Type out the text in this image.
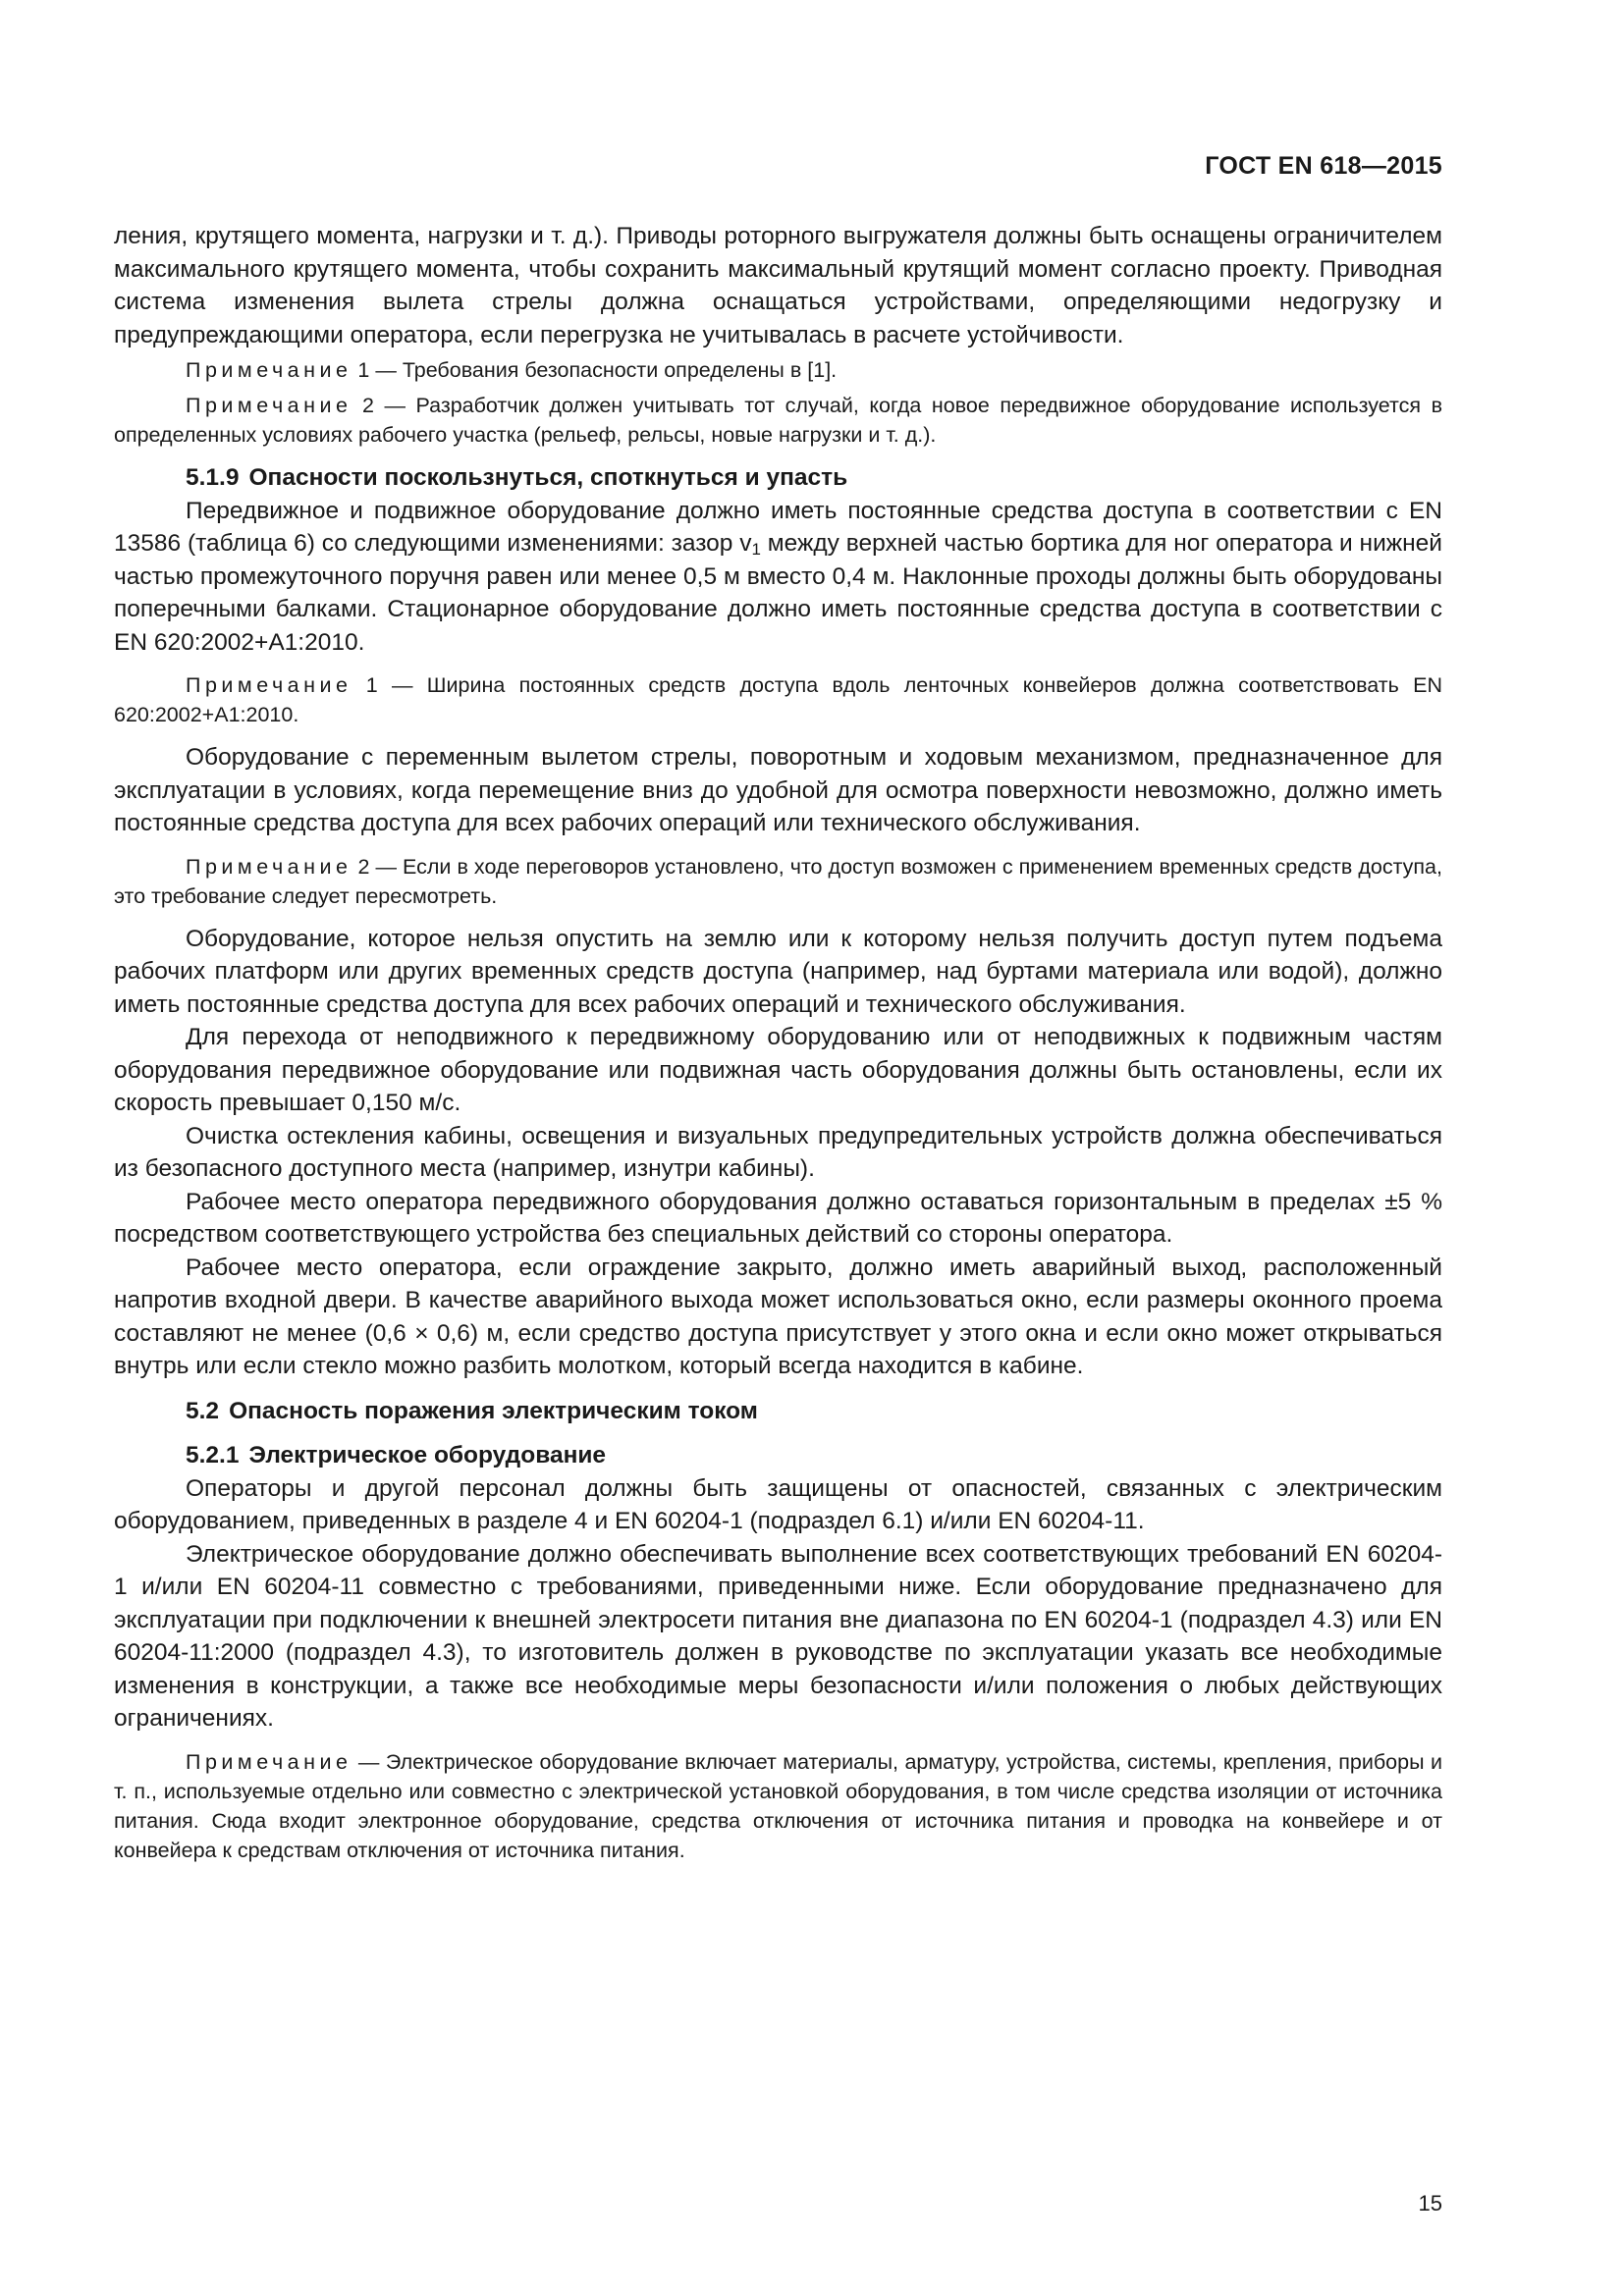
ГОСТ EN 618—2015

ления, крутящего момента, нагрузки и т. д.). Приводы роторного выгружателя должны быть оснащены ограничителем максимального крутящего момента, чтобы сохранить максимальный крутящий момент согласно проекту. Приводная система изменения вылета стрелы должна оснащаться устройствами, определяющими недогрузку и предупреждающими оператора, если перегрузка не учитывалась в расчете устойчивости.

Примечание 1 — Требования безопасности определены в [1].

Примечание 2 — Разработчик должен учитывать тот случай, когда новое передвижное оборудование используется в определенных условиях рабочего участка (рельеф, рельсы, новые нагрузки и т. д.).

5.1.9 Опасности поскользнуться, споткнуться и упасть

Передвижное и подвижное оборудование должно иметь постоянные средства доступа в соответствии с EN 13586 (таблица 6) со следующими изменениями: зазор $v_1$ между верхней частью бортика для ног оператора и нижней частью промежуточного поручня равен или менее 0,5 м вместо 0,4 м. Наклонные проходы должны быть оборудованы поперечными балками. Стационарное оборудование должно иметь постоянные средства доступа в соответствии с EN 620:2002+A1:2010.

Примечание 1 — Ширина постоянных средств доступа вдоль ленточных конвейеров должна соответствовать EN 620:2002+A1:2010.

Оборудование с переменным вылетом стрелы, поворотным и ходовым механизмом, предназначенное для эксплуатации в условиях, когда перемещение вниз до удобной для осмотра поверхности невозможно, должно иметь постоянные средства доступа для всех рабочих операций или технического обслуживания.

Примечание 2 — Если в ходе переговоров установлено, что доступ возможен с применением временных средств доступа, это требование следует пересмотреть.

Оборудование, которое нельзя опустить на землю или к которому нельзя получить доступ путем подъема рабочих платформ или других временных средств доступа (например, над буртами материала или водой), должно иметь постоянные средства доступа для всех рабочих операций и технического обслуживания.

Для перехода от неподвижного к передвижному оборудованию или от неподвижных к подвижным частям оборудования передвижное оборудование или подвижная часть оборудования должны быть остановлены, если их скорость превышает 0,150 м/с.

Очистка остекления кабины, освещения и визуальных предупредительных устройств должна обеспечиваться из безопасного доступного места (например, изнутри кабины).

Рабочее место оператора передвижного оборудования должно оставаться горизонтальным в пределах ±5 % посредством соответствующего устройства без специальных действий со стороны оператора.

Рабочее место оператора, если ограждение закрыто, должно иметь аварийный выход, расположенный напротив входной двери. В качестве аварийного выхода может использоваться окно, если размеры оконного проема составляют не менее (0,6 × 0,6) м, если средство доступа присутствует у этого окна и если окно может открываться внутрь или если стекло можно разбить молотком, который всегда находится в кабине.

5.2 Опасность поражения электрическим током

5.2.1 Электрическое оборудование

Операторы и другой персонал должны быть защищены от опасностей, связанных с электрическим оборудованием, приведенных в разделе 4 и EN 60204-1 (подраздел 6.1) и/или EN 60204-11.

Электрическое оборудование должно обеспечивать выполнение всех соответствующих требований EN 60204-1 и/или EN 60204-11 совместно с требованиями, приведенными ниже. Если оборудование предназначено для эксплуатации при подключении к внешней электросети питания вне диапазона по EN 60204-1 (подраздел 4.3) или EN 60204-11:2000 (подраздел 4.3), то изготовитель должен в руководстве по эксплуатации указать все необходимые изменения в конструкции, а также все необходимые меры безопасности и/или положения о любых действующих ограничениях.

Примечание — Электрическое оборудование включает материалы, арматуру, устройства, системы, крепления, приборы и т. п., используемые отдельно или совместно с электрической установкой оборудования, в том числе средства изоляции от источника питания. Сюда входит электронное оборудование, средства отключения от источника питания и проводка на конвейере и от конвейера к средствам отключения от источника питания.

15
